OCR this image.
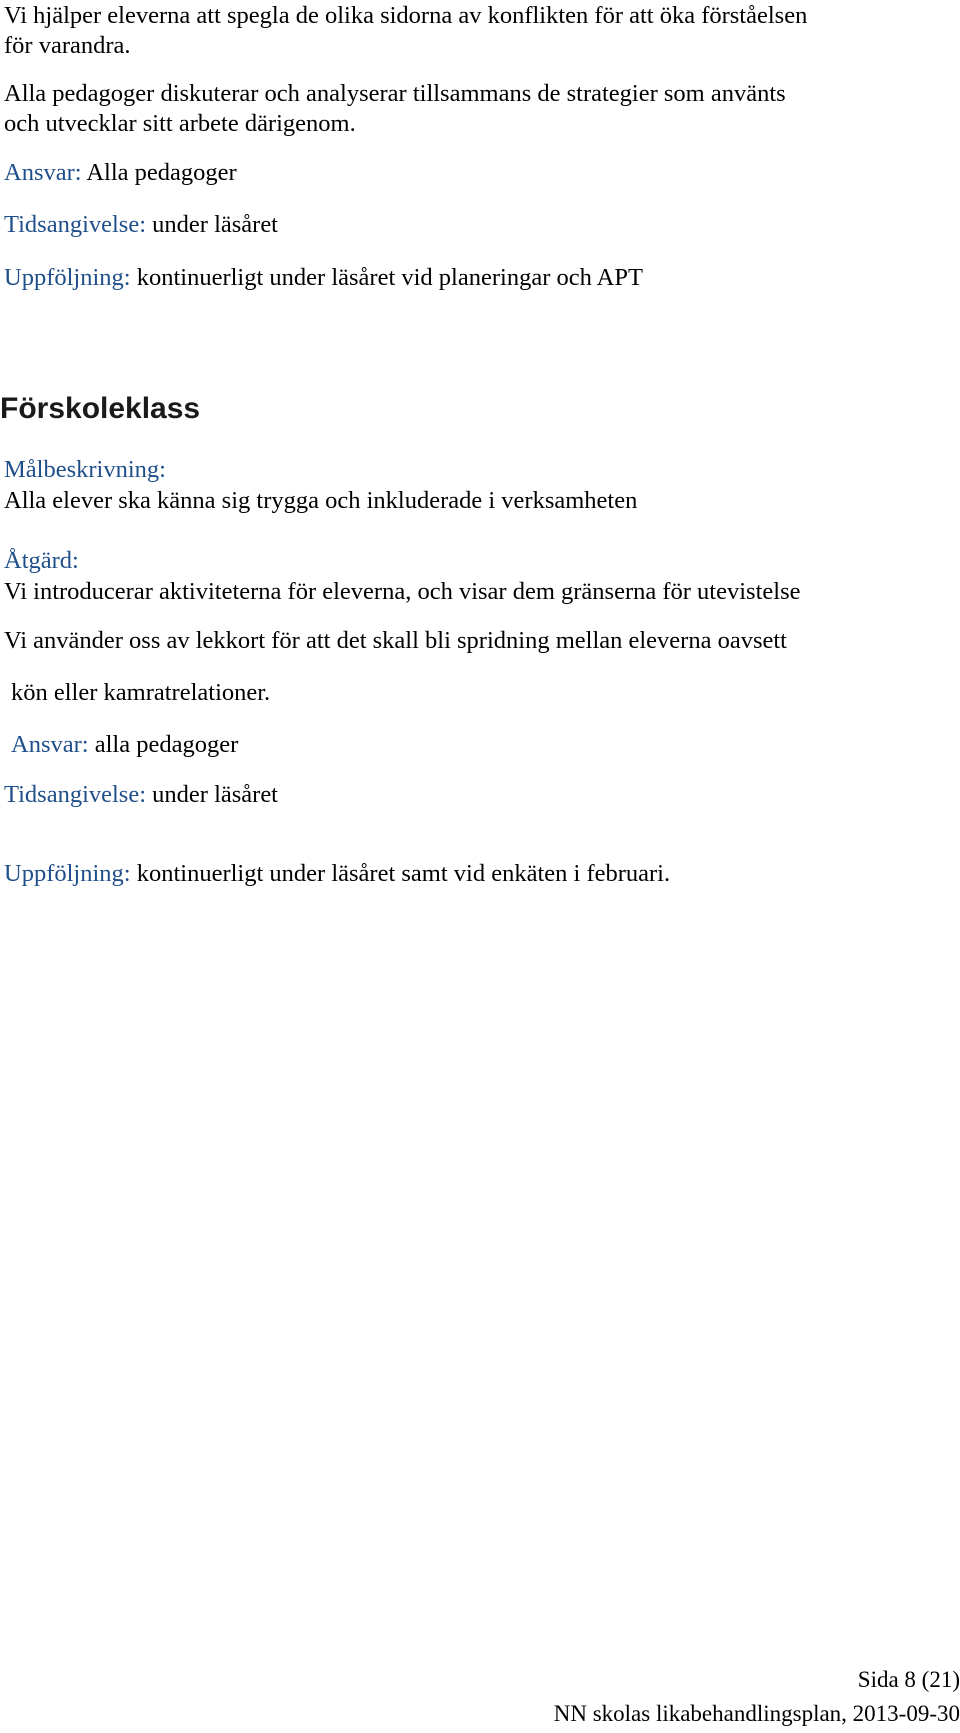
Vi hjälper eleverna att spegla de olika sidorna av konflikten för att öka förståelsen
för varandra.
Alla pedagoger diskuterar och analyserar tillsammans de strategier som använts
och utvecklar sitt arbete därigenom.
Ansvar: Alla pedagoger
Tidsangivelse: under läsåret
Uppföljning: kontinuerligt under läsåret vid planeringar och APT
Förskoleklass
Målbeskrivning:
Alla elever ska känna sig trygga och inkluderade i verksamheten
Åtgärd:
Vi introducerar aktiviteterna för eleverna, och visar dem gränserna för utevistelse
Vi använder oss av lekkort för att det skall bli spridning mellan eleverna oavsett
kön eller kamratrelationer.
Ansvar: alla pedagoger
Tidsangivelse: under läsåret
Uppföljning: kontinuerligt under läsåret samt vid enkäten i februari.
Sida 8 (21)
NN skolas likabehandlingsplan, 2013-09-30
